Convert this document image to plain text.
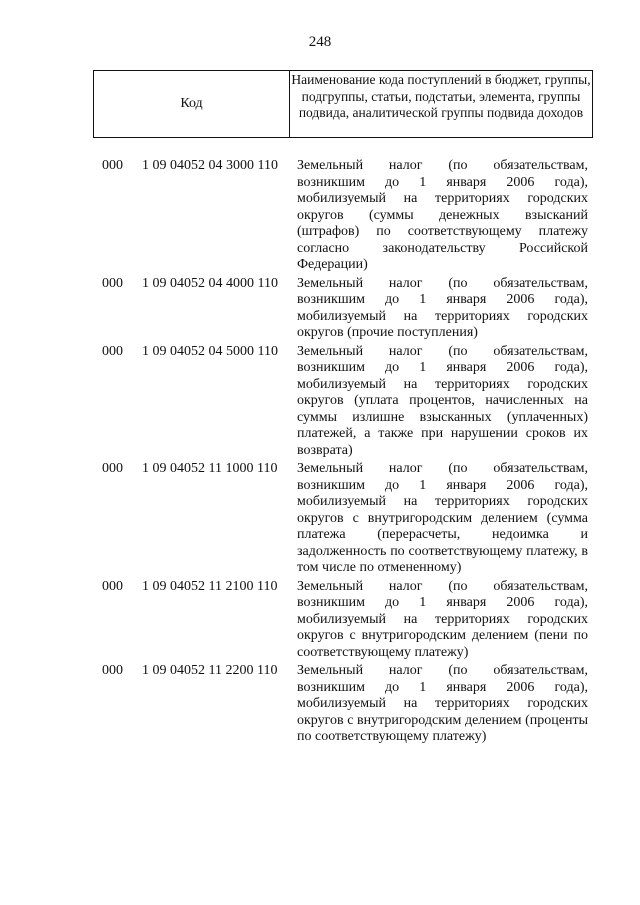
248
Код
Наименование кода поступлений в бюджет, группы, подгруппы, статьи, подстатьи, элемента, группы подвида, аналитической группы подвида доходов
000 1 09 04052 04 3000 110 Земельный налог (по обязательствам, возникшим до 1 января 2006 года), мобилизуемый на территориях городских округов (суммы денежных взысканий (штрафов) по соответствующему платежу согласно законодательству Российской Федерации)
000 1 09 04052 04 4000 110 Земельный налог (по обязательствам, возникшим до 1 января 2006 года), мобилизуемый на территориях городских округов (прочие поступления)
000 1 09 04052 04 5000 110 Земельный налог (по обязательствам, возникшим до 1 января 2006 года), мобилизуемый на территориях городских округов (уплата процентов, начисленных на суммы излишне взысканных (уплаченных) платежей, а также при нарушении сроков их возврата)
000 1 09 04052 11 1000 110 Земельный налог (по обязательствам, возникшим до 1 января 2006 года), мобилизуемый на территориях городских округов с внутригородским делением (сумма платежа (перерасчеты, недоимка и задолженность по соответствующему платежу, в том числе по отмененному)
000 1 09 04052 11 2100 110 Земельный налог (по обязательствам, возникшим до 1 января 2006 года), мобилизуемый на территориях городских округов с внутригородским делением (пени по соответствующему платежу)
000 1 09 04052 11 2200 110 Земельный налог (по обязательствам, возникшим до 1 января 2006 года), мобилизуемый на территориях городских округов с внутригородским делением (проценты по соответствующему платежу)
